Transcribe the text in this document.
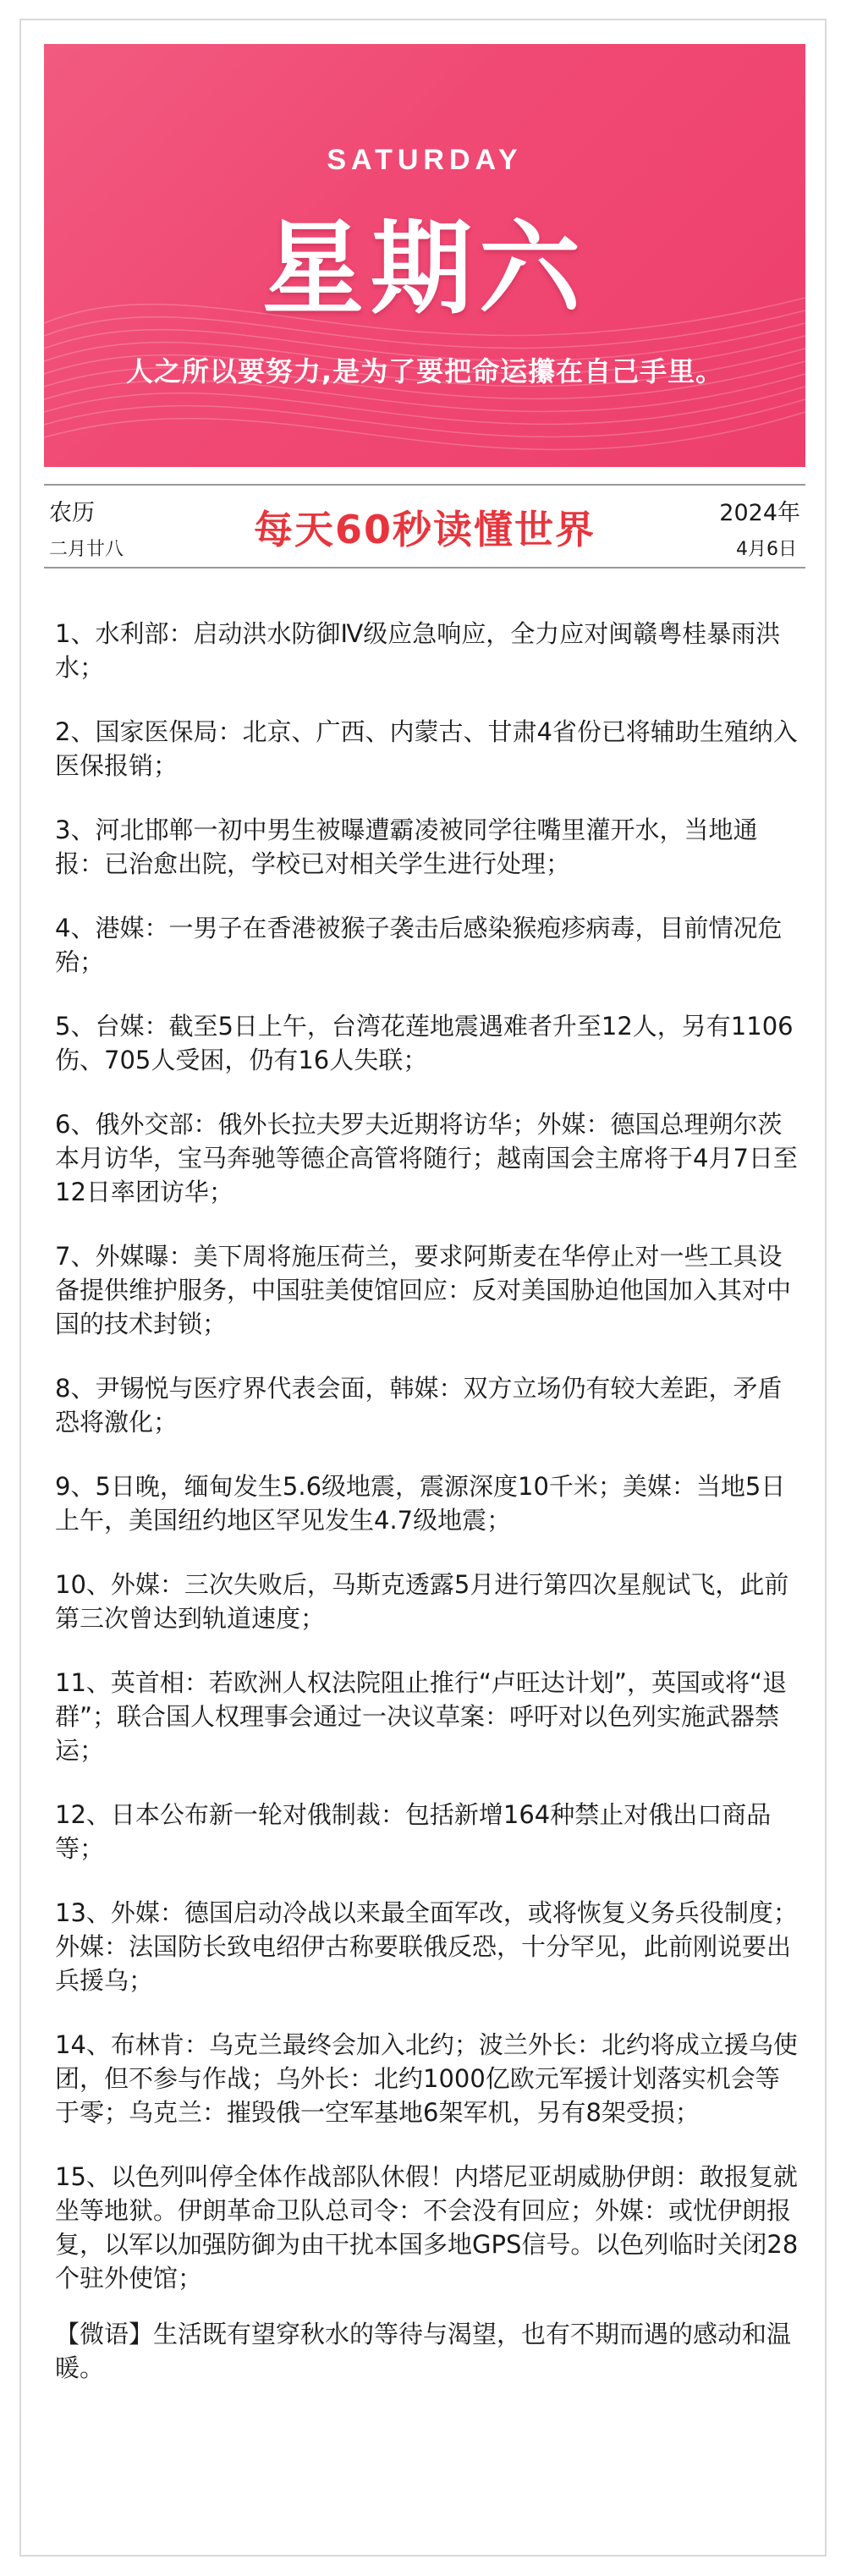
SATURDAY
星期六
人之所以要努力,是为了要把命运攥在自己手里。
农历
二月廿八	每天60秒读懂世界	2024年
4月6日

1、水利部：启动洪水防御Ⅳ级应急响应，全力应对闽赣粤桂暴雨洪水；

2、国家医保局：北京、广西、内蒙古、甘肃4省份已将辅助生殖纳入医保报销；

3、河北邯郸一初中男生被曝遭霸凌被同学往嘴里灌开水，当地通报：已治愈出院，学校已对相关学生进行处理；

4、港媒：一男子在香港被猴子袭击后感染猴疱疹病毒，目前情况危殆；

5、台媒：截至5日上午，台湾花莲地震遇难者升至12人，另有1106伤、705人受困，仍有16人失联；

6、俄外交部：俄外长拉夫罗夫近期将访华；外媒：德国总理朔尔茨本月访华，宝马奔驰等德企高管将随行；越南国会主席将于4月7日至12日率团访华；

7、外媒曝：美下周将施压荷兰，要求阿斯麦在华停止对一些工具设备提供维护服务，中国驻美使馆回应：反对美国胁迫他国加入其对中国的技术封锁；

8、尹锡悦与医疗界代表会面，韩媒：双方立场仍有较大差距，矛盾恐将激化；

9、5日晚，缅甸发生5.6级地震，震源深度10千米；美媒：当地5日上午，美国纽约地区罕见发生4.7级地震；

10、外媒：三次失败后，马斯克透露5月进行第四次星舰试飞，此前第三次曾达到轨道速度；

11、英首相：若欧洲人权法院阻止推行“卢旺达计划”，英国或将“退群”；联合国人权理事会通过一决议草案：呼吁对以色列实施武器禁运；

12、日本公布新一轮对俄制裁：包括新增164种禁止对俄出口商品等；

13、外媒：德国启动冷战以来最全面军改，或将恢复义务兵役制度；外媒：法国防长致电绍伊古称要联俄反恐，十分罕见，此前刚说要出兵援乌；

14、布林肯：乌克兰最终会加入北约；波兰外长：北约将成立援乌使团，但不参与作战；乌外长：北约1000亿欧元军援计划落实机会等于零；乌克兰：摧毁俄一空军基地6架军机，另有8架受损；

15、以色列叫停全体作战部队休假！内塔尼亚胡威胁伊朗：敢报复就坐等地狱。伊朗革命卫队总司令：不会没有回应；外媒：或忧伊朗报复，以军以加强防御为由干扰本国多地GPS信号。以色列临时关闭28个驻外使馆；

【微语】生活既有望穿秋水的等待与渴望，也有不期而遇的感动和温暖。
